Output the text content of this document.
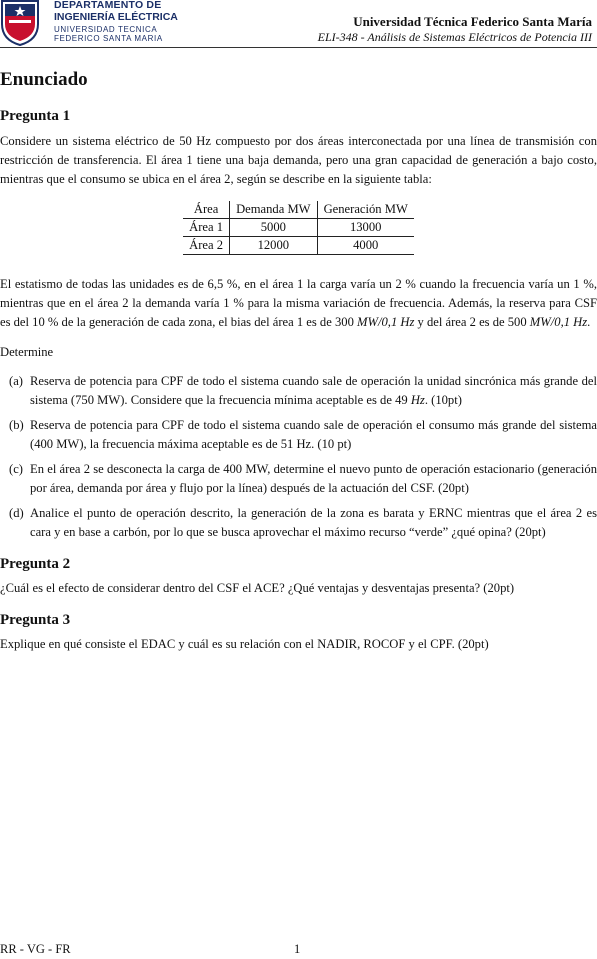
DEPARTAMENTO DE
INGENIERÍA ELÉCTRICA
UNIVERSIDAD TECNICA
FEDERICO SANTA MARIA
Universidad Técnica Federico Santa María
ELI-348 - Análisis de Sistemas Eléctricos de Potencia III
Enunciado
Pregunta 1

Considere un sistema eléctrico de 50 Hz compuesto por dos áreas interconectada por una línea de transmisión con restricción de transferencia. El área 1 tiene una baja demanda, pero una gran capacidad de generación a bajo costo, mientras que el consumo se ubica en el área 2, según se describe en la siguiente tabla:

Área	Demanda MW	Generación MW
Área 1	5000	13000
Área 2	12000	4000

El estatismo de todas las unidades es de 6,5 %, en el área 1 la carga varía un 2 % cuando la frecuencia varía un 1 %, mientras que en el área 2 la demanda varía 1 % para la misma variación de frecuencia. Además, la reserva para CSF es del 10 % de la generación de cada zona, el bias del área 1 es de 300 MW/0,1 Hz y del área 2 es de 500 MW/0,1 Hz.

Determine

(a) Reserva de potencia para CPF de todo el sistema cuando sale de operación la unidad sincrónica más grande del sistema (750 MW). Considere que la frecuencia mínima aceptable es de 49 Hz. (10pt)
(b) Reserva de potencia para CPF de todo el sistema cuando sale de operación el consumo más grande del sistema (400 MW), la frecuencia máxima aceptable es de 51 Hz. (10 pt)
(c) En el área 2 se desconecta la carga de 400 MW, determine el nuevo punto de operación estacionario (generación por área, demanda por área y flujo por la línea) después de la actuación del CSF. (20pt)
(d) Analice el punto de operación descrito, la generación de la zona es barata y ERNC mientras que el área 2 es cara y en base a carbón, por lo que se busca aprovechar el máximo recurso “verde” ¿qué opina? (20pt)
Pregunta 2

¿Cuál es el efecto de considerar dentro del CSF el ACE? ¿Qué ventajas y desventajas presenta? (20pt)

Pregunta 3

Explique en qué consiste el EDAC y cuál es su relación con el NADIR, ROCOF y el CPF. (20pt)

RR - VG - FR	1
